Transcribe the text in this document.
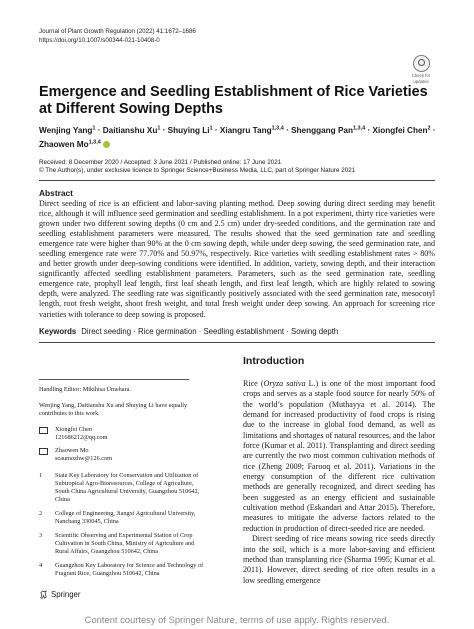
Journal of Plant Growth Regulation (2022) 41:1672–1686
https://doi.org/10.1007/s00344-021-10408-0
Check for
updates
Emergence and Seedling Establishment of Rice Varieties at Different Sowing Depths
Wenjing Yang$^1$ · Daitianshu $Xu^1$ · Shuying $Li^1$ · Xiangru Tang$^{1,3,4}$ · Shenggang Pan$^{1,3,4}$ · Xiongfei Chen$^2$ ·
Zhaowen Mo$^{1,3,4}$
Received: 8 December 2020 / Accepted: 3 June 2021 / Published online: 17 June 2021
© The Author(s), under exclusive licence to Springer Science+Business Media, LLC, part of Springer Nature 2021
Abstract
Direct seeding of rice is an efficient and labor-saving planting method. Deep sowing during direct seeding may benefit rice, although it will influence seed germination and seedling establishment. In a pot experiment, thirty rice varieties were grown under two different sowing depths (0 cm and 2.5 cm) under dry-seeded conditions, and the germination rate and seedling establishment parameters were measured. The results showed that the seed germination rate and seedling emergence rate were higher than 90% at the 0 cm sowing depth, while under deep sowing, the seed germination rate, and seedling emergence rate were 77.70% and 50.97%, respectively. Rice varieties with seedling establishment rates > 80% and better growth under deep-sowing conditions were identified. In addition, variety, sowing depth, and their interaction significantly affected seedling establishment parameters. Parameters, such as the seed germination rate, seedling emergence rate, prophyll leaf length, first leaf sheath length, and first leaf length, which are highly related to sowing depth, were analyzed. The seedling rate was significantly positively associated with the seed germination rate, mesocotyl length, root fresh weight, shoot fresh weight, and total fresh weight under deep sowing. An approach for screening rice varieties with tolerance to deep sowing is proposed.
Keywords Direct seeding · Rice germination · Seedling establishment · Sowing depth
Introduction

Rice (Oryza sativa L.) is one of the most important food crops and serves as a staple food source for nearly 50% of the world’s population (Muthayya et al. 2014). The demand for increased productivity of food crops is rising due to the increase in global food demand, as well as limitations and shortages of natural resources, and the labor force (Kumar et al. 2011). Transplanting and direct seeding are currently the two most common cultivation methods of rice (Zheng 2009; Farooq et al. 2011). Variations in the energy consumption of the different rice cultivation methods are generally recognized, and direct seeding has been suggested as an energy efficient and sustainable cultivation method (Eskandari and Attar 2015). Therefore, measures to mitigate the adverse factors related to the reduction in production of direct-seeded rice are needed.

Direct seeding of rice means sowing rice seeds directly into the soil, which is a more labor-saving and efficient method than transplanting rice (Sharma 1995; Kumar et al. 2011). However, direct seeding of rice often results in a low seedling emergence

Handling Editor: Mikihisa Umehara.
Wenjing Yang, Daitianshu Xu and Shuying Li have equally contributes to this work.
Xiongfei Chen
121686212@qq.com
Zhaowen Mo
scaumozhw@126.com
1	State Key Laboratory for Conservation and Utilization of Subtropical Agro-Bioresources, College of Agriculture, South China Agricultural University, Guangzhou 510642, China
2	College of Engineering, Jiangxi Agricultural University, Nanchang 330045, China
3	Scientific Observing and Experimental Station of Crop Cultivation in South China, Ministry of Agriculture and Rural Affairs, Guangzhou 510642, China
4	Guangzhou Key Laboratory for Science and Technology of Fragrant Rice, Guangzhou 510642, China
Springer
Content courtesy of Springer Nature, terms of use apply. Rights reserved.
